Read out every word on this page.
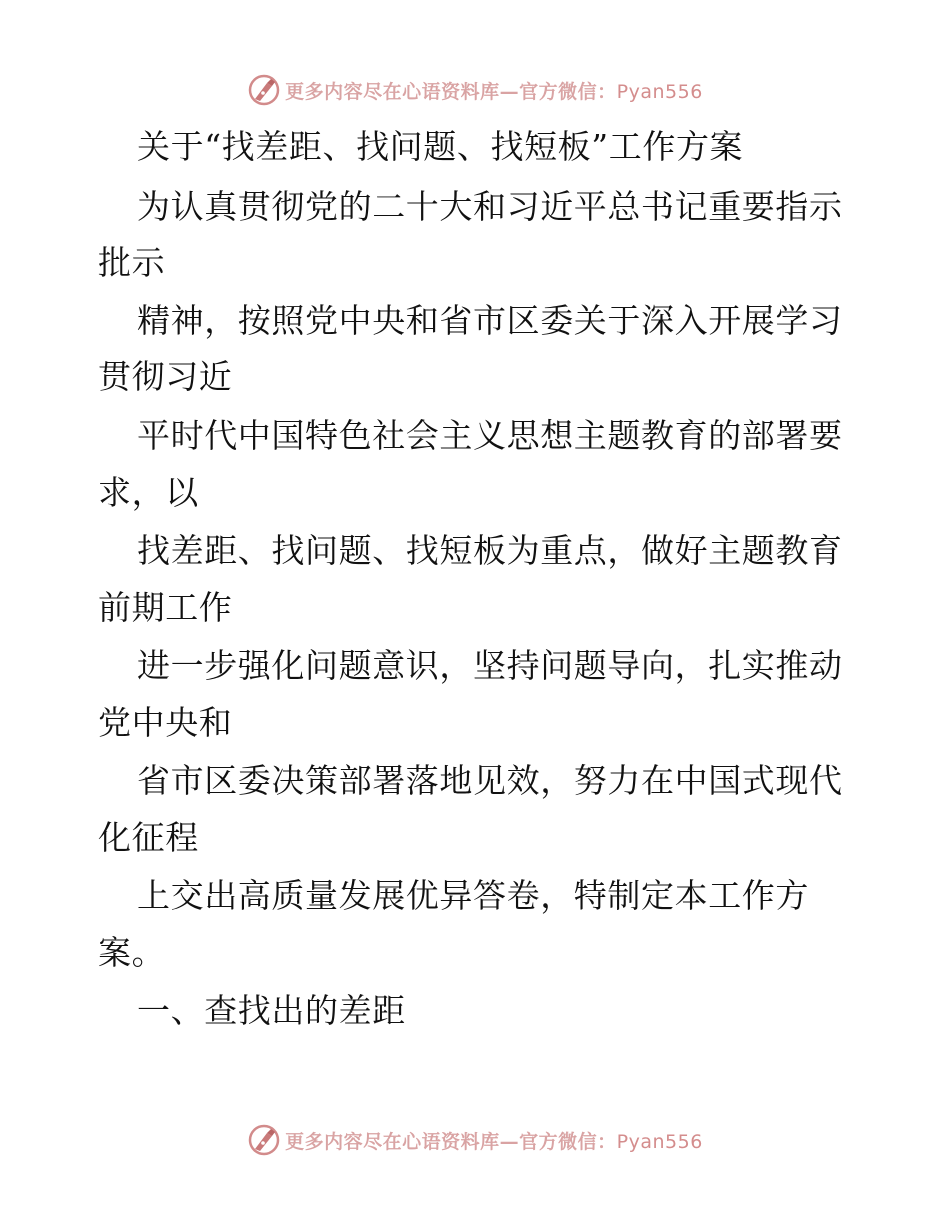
更多内容尽在心语资料库—官方微信：Pyan556
关于“找差距、找问题、找短板”工作方案
为认真贯彻党的二十大和习近平总书记重要指示
批示
精神，按照党中央和省市区委关于深入开展学习
贯彻习近
平时代中国特色社会主义思想主题教育的部署要
求，以
找差距、找问题、找短板为重点，做好主题教育
前期工作
进一步强化问题意识，坚持问题导向，扎实推动
党中央和
省市区委决策部署落地见效，努力在中国式现代
化征程
上交出高质量发展优异答卷，特制定本工作方
案。
一、查找出的差距
更多内容尽在心语资料库—官方微信：Pyan556
